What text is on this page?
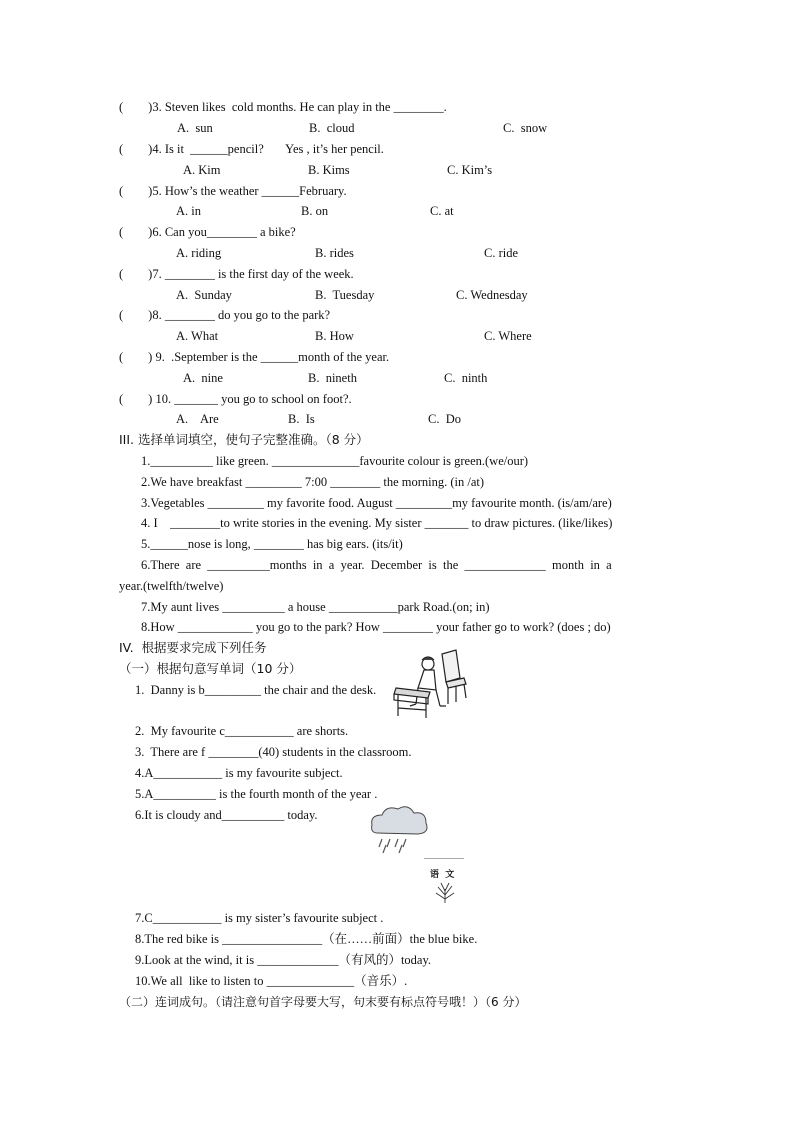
(        )3. Steven likes  cold months. He can play in the ________.
A.  sun	B.  cloud	C.  snow
(        )4. Is it  ______pencil?       Yes , it’s her pencil.
A. Kim	B. Kims	C. Kim’s
(        )5. How’s the weather ______February.
A. in	B. on	C. at
(        )6. Can you________ a bike?
A. riding	B. rides	C. ride
(        )7. ________ is the first day of the week.
A.  Sunday	B.  Tuesday	C. Wednesday
(        )8. ________ do you go to the park?
A. What	B. How	C. Where
(        ) 9.  .September is the ______month of the year.
A.  nine	B.  nineth	C.  ninth
(        ) 10. _______ you go to school on foot?.
A.    Are	B.  Is	C.  Do
III. 选择单词填空，使句子完整准确。（8 分）
1.__________ like green. ______________favourite colour is green.(we/our)
2.We have breakfast _________ 7:00 ________ the morning. (in /at)
3.Vegetables _________ my favorite food. August _________my favourite month. (is/am/are)
4. I    ________to write stories in the evening. My sister _______ to draw pictures. (like/likes)
5.______nose is long, ________ has big ears. (its/it)
6.There  are  __________months  in  a  year.  December  is  the  _____________  month  in  a
year.(twelfth/twelve)
7.My aunt lives __________ a house ___________park Road.(on; in)
8.How ____________ you go to the park? How ________ your father go to work? (does ; do)
IV.  根据要求完成下列任务
（一）根据句意写单词（10 分）
1.  Danny is b_________ the chair and the desk.
2.  My favourite c___________ are shorts.
3.  There are f ________(40) students in the classroom.
4.A___________ is my favourite subject.
5.A__________ is the fourth month of the year .
6.It is cloudy and__________ today.
7.C___________ is my sister’s favourite subject .
8.The red bike is ________________（在……前面）the blue bike.
9.Look at the wind, it is _____________（有风的）today.
10.We all  like to listen to ______________（音乐）.
（二）连词成句。（请注意句首字母要大写，句末要有标点符号哦！）（6 分）
语  文
